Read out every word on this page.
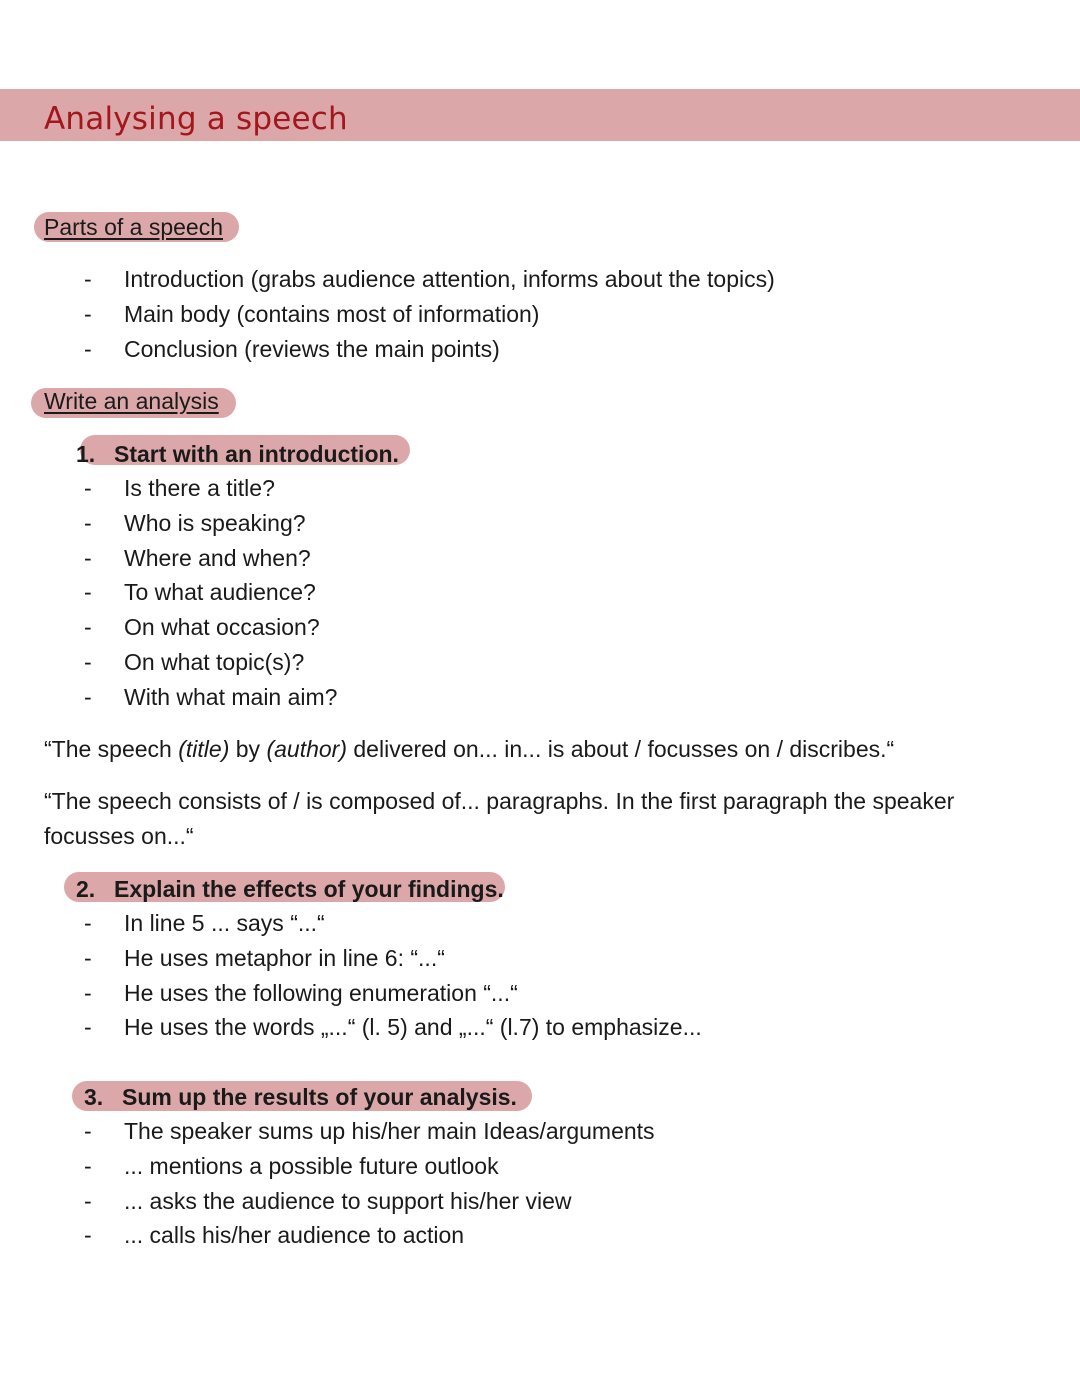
Analysing a speech
Parts of a speech
- Introduction (grabs audience attention, informs about the topics)
- Main body (contains most of information)
- Conclusion (reviews the main points)
Write an analysis
1. Start with an introduction.
- Is there a title?
- Who is speaking?
- Where and when?
- To what audience?
- On what occasion?
- On what topic(s)?
- With what main aim?

“The speech (title) by (author) delivered on... in... is about / focusses on / discribes.“

“The speech consists of / is composed of... paragraphs. In the first paragraph the speaker focusses on...“

2. Explain the effects of your findings.
- In line 5 ... says “...“
- He uses metaphor in line 6: “...“
- He uses the following enumeration “...“
- He uses the words „...“ (l. 5) and „...“ (l.7) to emphasize...
3. Sum up the results of your analysis.
- The speaker sums up his/her main Ideas/arguments
- ... mentions a possible future outlook
- ... asks the audience to support his/her view
- ... calls his/her audience to action
